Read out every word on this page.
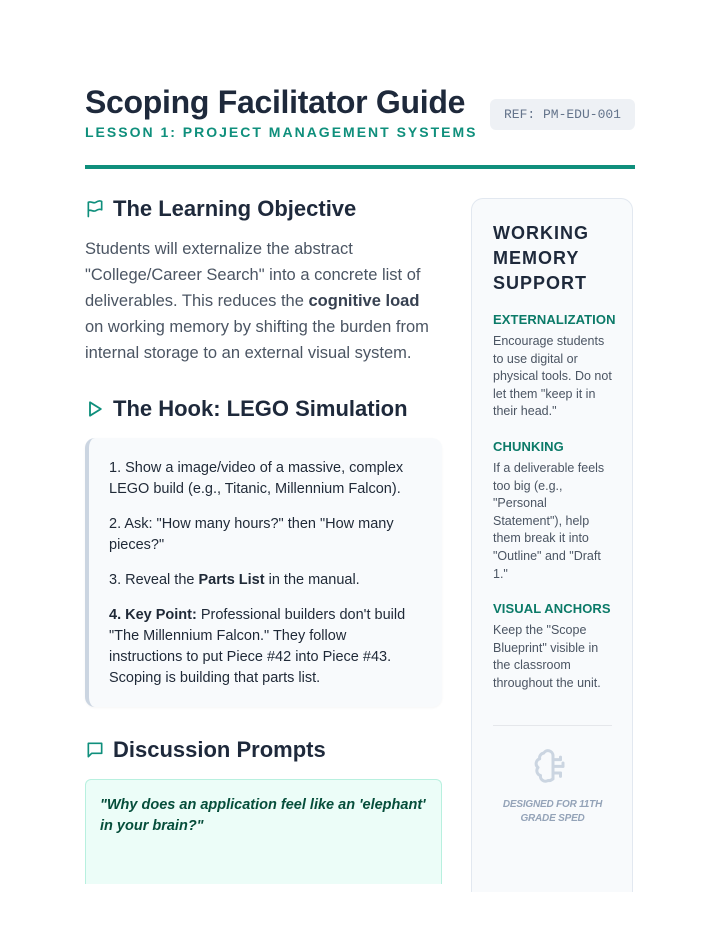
Scoping Facilitator Guide
LESSON 1: PROJECT MANAGEMENT SYSTEMS
REF: PM-EDU-001
The Learning Objective

Students will externalize the abstract "College/Career Search" into a concrete list of deliverables. This reduces the cognitive load on working memory by shifting the burden from internal storage to an external visual system.

The Hook: LEGO Simulation

1. Show a image/video of a massive, complex LEGO build (e.g., Titanic, Millennium Falcon).

2. Ask: "How many hours?" then "How many pieces?"

3. Reveal the Parts List in the manual.

4. Key Point: Professional builders don't build "The Millennium Falcon." They follow instructions to put Piece #42 into Piece #43. Scoping is building that parts list.

Discussion Prompts
"Why does an application feel like an 'elephant' in your brain?"
WORKING MEMORY SUPPORT
EXTERNALIZATION
Encourage students to use digital or physical tools. Do not let them "keep it in their head."
CHUNKING
If a deliverable feels too big (e.g., "Personal Statement"), help them break it into "Outline" and "Draft 1."
VISUAL ANCHORS
Keep the "Scope Blueprint" visible in the classroom throughout the unit.
DESIGNED FOR 11TH GRADE SPED
